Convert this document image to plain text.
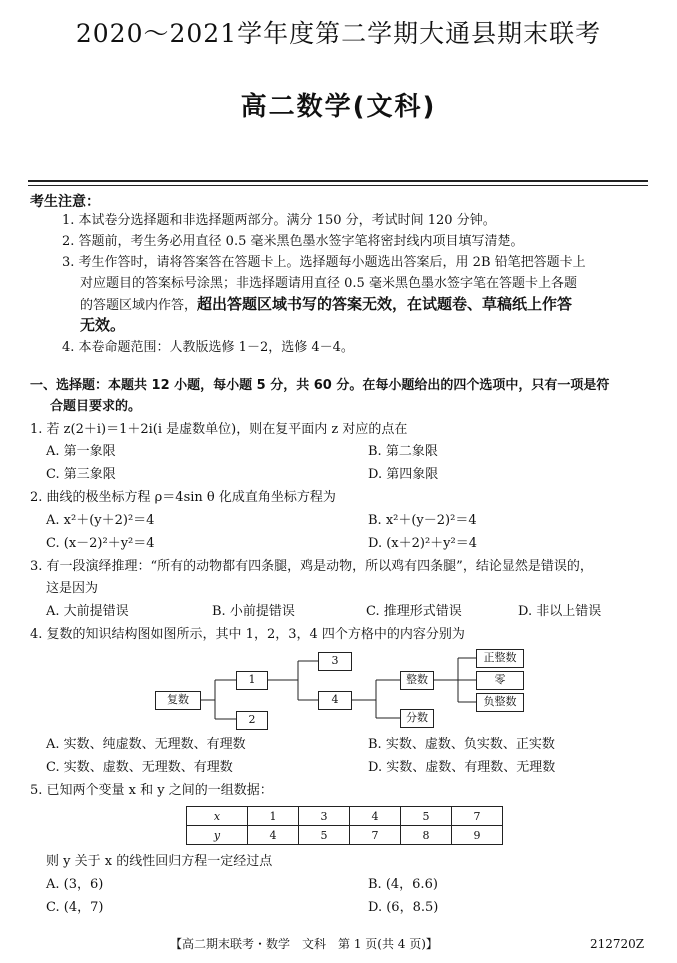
2020～2021学年度第二学期大通县期末联考
高二数学(文科)
考生注意：
1. 本试卷分选择题和非选择题两部分。满分 150 分，考试时间 120 分钟。
2. 答题前，考生务必用直径 0.5 毫米黑色墨水签字笔将密封线内项目填写清楚。
3. 考生作答时，请将答案答在答题卡上。选择题每小题选出答案后，用 2B 铅笔把答题卡上
对应题目的答案标号涂黑；非选择题请用直径 0.5 毫米黑色墨水签字笔在答题卡上各题
的答题区域内作答，超出答题区域书写的答案无效，在试题卷、草稿纸上作答
无效。
4. 本卷命题范围：人教版选修 1－2，选修 4－4。
一、选择题：本题共 12 小题，每小题 5 分，共 60 分。在每小题给出的四个选项中，只有一项是符
合题目要求的。
1. 若 z(2＋i)＝1＋2i(i 是虚数单位)，则在复平面内 z 对应的点在
A. 第一象限	B. 第二象限
C. 第三象限	D. 第四象限
2. 曲线的极坐标方程 ρ＝4sin θ 化成直角坐标方程为
A. x²＋(y＋2)²＝4	B. x²＋(y－2)²＝4
C. (x－2)²＋y²＝4	D. (x＋2)²＋y²＝4
3. 有一段演绎推理：“所有的动物都有四条腿，鸡是动物，所以鸡有四条腿”，结论显然是错误的，
这是因为
A. 大前提错误	B. 小前提错误	C. 推理形式错误	D. 非以上错误
4. 复数的知识结构图如图所示，其中 1，2，3，4 四个方格中的内容分别为
复数
1
2
3
4
整数
分数
正整数
零
负整数
A. 实数、纯虚数、无理数、有理数	B. 实数、虚数、负实数、正实数
C. 实数、虚数、无理数、有理数	D. 实数、虚数、有理数、无理数
5. 已知两个变量 x 和 y 之间的一组数据：
x	1	3	4	5	7
y	4	5	7	8	9
则 y 关于 x 的线性回归方程一定经过点
A. (3，6)	B. (4，6.6)
C. (4，7)	D. (6，8.5)
【高二期末联考・数学　文科　第 1 页(共 4 页)】	212720Z
